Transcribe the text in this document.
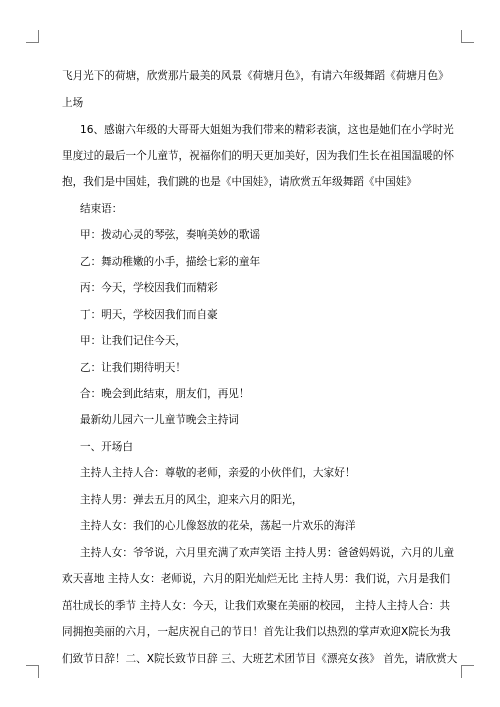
飞月光下的荷塘，欣赏那片最美的风景《荷塘月色》，有请六年级舞蹈《荷塘月色》
上场
16、感谢六年级的大哥哥大姐姐为我们带来的精彩表演，这也是她们在小学时光
里度过的最后一个儿童节，祝福你们的明天更加美好，因为我们生长在祖国温暖的怀
抱，我们是中国娃，我们跳的也是《中国娃》，请欣赏五年级舞蹈《中国娃》
结束语：
甲：拨动心灵的琴弦，奏响美妙的歌谣
乙：舞动稚嫩的小手，描绘七彩的童年
丙：今天，学校因我们而精彩
丁：明天，学校因我们而自豪
甲：让我们记住今天，
乙：让我们期待明天！
合：晚会到此结束，朋友们，再见！
最新幼儿园六一儿童节晚会主持词
一、开场白
主持人主持人合：尊敬的老师，亲爱的小伙伴们，大家好！
主持人男：弹去五月的风尘，迎来六月的阳光，
主持人女：我们的心儿像怒放的花朵，荡起一片欢乐的海洋
主持人女：爷爷说，六月里充满了欢声笑语 主持人男：爸爸妈妈说，六月的儿童
欢天喜地 主持人女：老师说，六月的阳光灿烂无比 主持人男：我们说，六月是我们
茁壮成长的季节 主持人女：今天，让我们欢聚在美丽的校园， 主持人主持人合：共
同拥抱美丽的六月，一起庆祝自己的节日！首先让我们以热烈的掌声欢迎X院长为我
们致节日辞！二、X院长致节日辞 三、大班艺术团节目《漂亮女孩》 首先，请欣赏大
